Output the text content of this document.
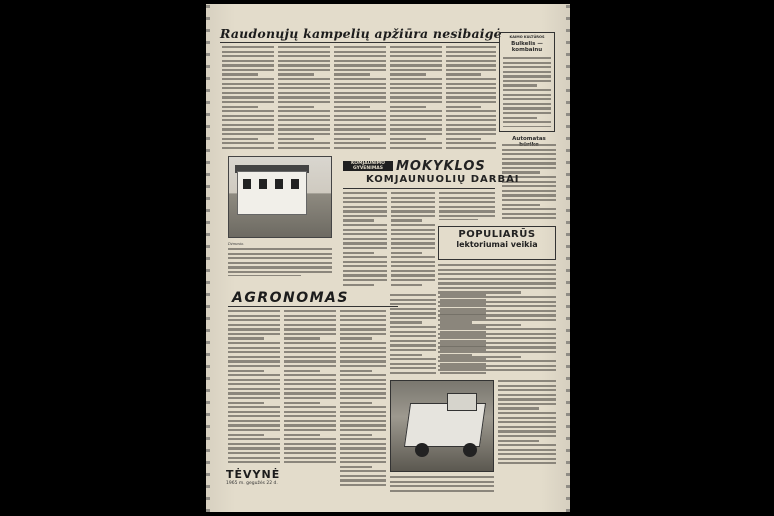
Raudonųjų kampelių apžiūra nesibaigė	KAIMO KULTŪROS
Bulkelis — kombainu
Automatas
Dėmesio.
KOMJAUNIMO GYVENIMAS MOKYKLOS
KOMJAUNUOLIŲ DARBAI
POPULIARŪS
lektoriumai veikia
AGRONOMAS
TĖVYNĖ
1965 m. gegužės 22 d.
